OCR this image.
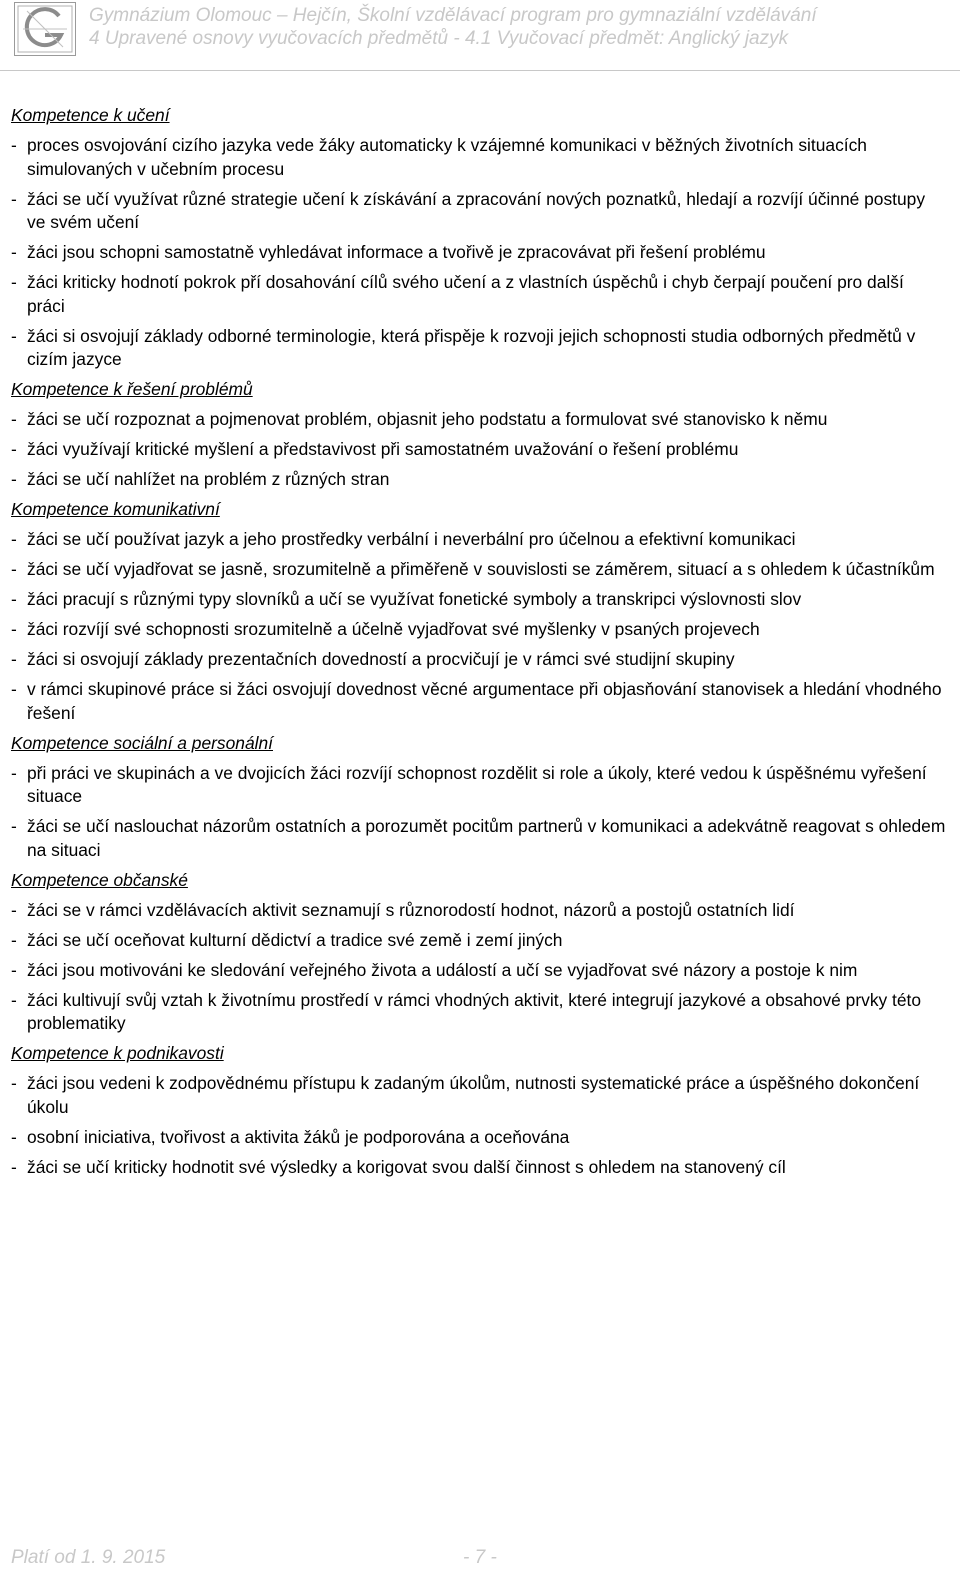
Gymnázium Olomouc – Hejčín, Školní vzdělávací program pro gymnaziální vzdělávání
4 Upravené osnovy vyučovacích předmětů - 4.1 Vyučovací předmět: Anglický jazyk
Kompetence k učení
- proces osvojování cizího jazyka vede žáky automaticky k vzájemné komunikaci v běžných životních situacích simulovaných v učebním procesu
- žáci se učí využívat různé strategie učení k získávání a zpracování nových poznatků, hledají a rozvíjí účinné postupy ve svém učení
- žáci jsou schopni samostatně vyhledávat informace a tvořivě je zpracovávat při řešení problému
- žáci kriticky hodnotí pokrok pří dosahování cílů svého učení a z vlastních úspěchů i chyb čerpají poučení pro další práci
- žáci si osvojují základy odborné terminologie, která přispěje k rozvoji jejich schopnosti studia odborných předmětů v cizím jazyce
Kompetence k řešení problémů
- žáci se učí rozpoznat a pojmenovat problém, objasnit jeho podstatu a formulovat své stanovisko k němu
- žáci využívají kritické myšlení a představivost při samostatném uvažování o řešení problému
- žáci se učí nahlížet na problém z různých stran
Kompetence komunikativní
- žáci se učí používat jazyk a jeho prostředky verbální i neverbální pro účelnou a efektivní komunikaci
- žáci se učí vyjadřovat se jasně, srozumitelně a přiměřeně v souvislosti se záměrem, situací a s ohledem k účastníkům
- žáci pracují s různými typy slovníků a učí se využívat fonetické symboly a transkripci výslovnosti slov
- žáci rozvíjí své schopnosti srozumitelně a účelně vyjadřovat své myšlenky v psaných projevech
- žáci si osvojují základy prezentačních dovedností a procvičují je v rámci své studijní skupiny
- v rámci skupinové práce si žáci osvojují dovednost věcné argumentace při objasňování stanovisek a hledání vhodného řešení
Kompetence sociální a personální
- při práci ve skupinách a ve dvojicích žáci rozvíjí schopnost rozdělit si role a úkoly, které vedou k úspěšnému vyřešení situace
- žáci se učí naslouchat názorům ostatních a porozumět pocitům partnerů v komunikaci a adekvátně reagovat s ohledem na situaci
Kompetence občanské
- žáci se v rámci vzdělávacích aktivit seznamují s různorodostí hodnot, názorů a postojů ostatních lidí
- žáci se učí oceňovat kulturní dědictví a tradice své země i zemí jiných
- žáci jsou motivováni ke sledování veřejného života a událostí a učí se vyjadřovat své názory a postoje k nim
- žáci kultivují svůj vztah k životnímu prostředí v rámci vhodných aktivit, které integrují jazykové a obsahové prvky této problematiky
Kompetence k podnikavosti
- žáci jsou vedeni k zodpovědnému přístupu k zadaným úkolům, nutnosti systematické práce a úspěšného dokončení úkolu
- osobní iniciativa, tvořivost a aktivita žáků je podporována a oceňována
- žáci se učí kriticky hodnotit své výsledky a korigovat svou další činnost s ohledem na stanovený cíl
Platí od 1. 9. 2015	- 7 -
